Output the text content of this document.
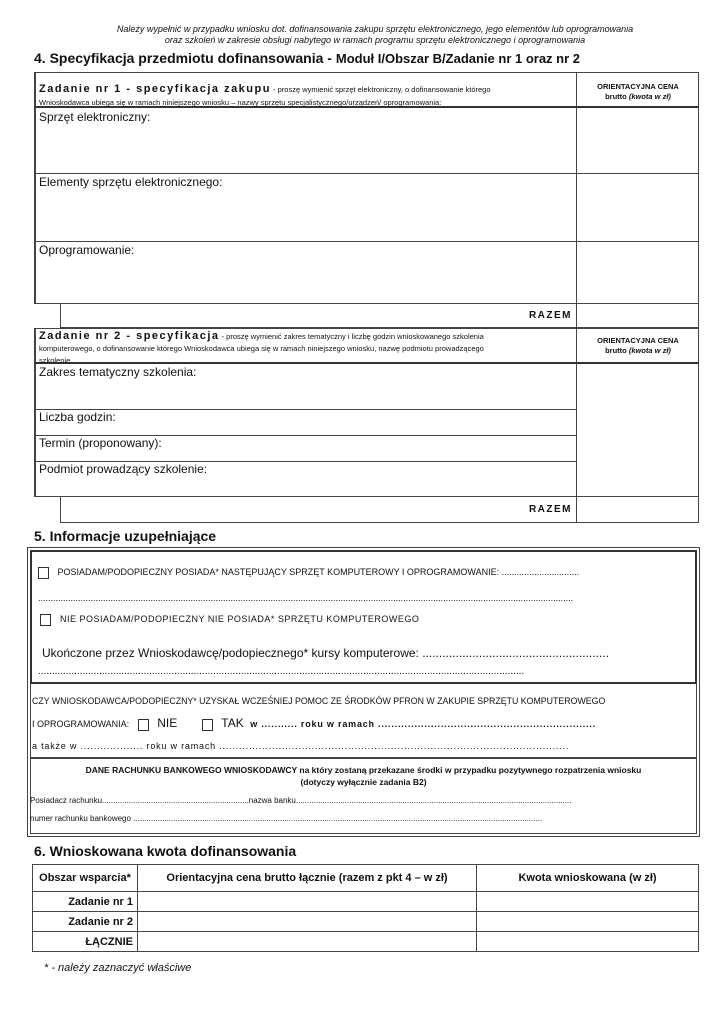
Należy wypełnić w przypadku wniosku dot. dofinansowania zakupu sprzętu elektronicznego, jego elementów lub oprogramowania
oraz szkoleń w zakresie obsługi nabytego w ramach programu sprzętu elektronicznego i oprogramowania
4. Specyfikacja przedmiotu dofinansowania - Moduł I/Obszar B/Zadanie nr 1 oraz nr 2
Zadanie nr 1 - specyfikacja zakupu - proszę wymienić sprzęt elektroniczny, o dofinansowanie którego
Wnioskodawca ubiega się w ramach niniejszego wniosku – nazwy sprzętu specjalistycznego/urządzeń/ oprogramowania:
ORIENTACYJNA CENA
brutto (kwota w zł)
Sprzęt elektroniczny:
Elementy sprzętu elektronicznego:
Oprogramowanie:
RAZEM
Zadanie nr 2 - specyfikacja - proszę wymienić zakres tematyczny i liczbę godzin wnioskowanego szkolenia
komputerowego, o dofinansowanie którego Wnioskodawca ubiega się w ramach niniejszego wniosku, nazwę podmiotu prowadzącego
szkolenie
ORIENTACYJNA CENA
brutto (kwota w zł)
Zakres tematyczny szkolenia:
Liczba godzin:
Termin (proponowany):
Podmiot prowadzący szkolenie:
RAZEM
5. Informacje uzupełniające
POSIADAM/PODOPIECZNY POSIADA* NASTĘPUJĄCY SPRZĘT KOMPUTEROWY I OPROGRAMOWANIE: ...............................
......................................................................................................................................................................................................................
NIE POSIADAM/PODOPIECZNY NIE POSIADA* SPRZĘTU KOMPUTEROWEGO
Ukończone przez Wnioskodawcę/podopiecznego* kursy komputerowe: ........................................................
...............................................................................................................................................................................
CZY WNIOSKODAWCA/PODOPIECZNY* UZYSKAŁ WCZEŚNIEJ POMOC ZE ŚRODKÓW PFRON W ZAKUPIE SPRZĘTU KOMPUTEROWEGO
I OPROGRAMOWANIA: NIE	TAK w ........... roku w ramach ..................................................................
a także w ................... roku w ramach ..........................................................................................................
DANE RACHUNKU BANKOWEGO WNIOSKODAWCY na który zostaną przekazane środki w przypadku pozytywnego rozpatrzenia wniosku
(dotyczy wyłącznie zadania B2)
Posiadacz rachunku..................................................................nazwa banku............................................................................................................................
numer rachunku bankowego ........................................................................................................................................................................................
6. Wnioskowana kwota dofinansowania
Obszar wsparcia*	Orientacyjna cena brutto łącznie (razem z pkt 4 – w zł)	Kwota wnioskowana (w zł)
Zadanie nr 1		
Zadanie nr 2		
ŁĄCZNIE		
* - należy zaznaczyć właściwe
